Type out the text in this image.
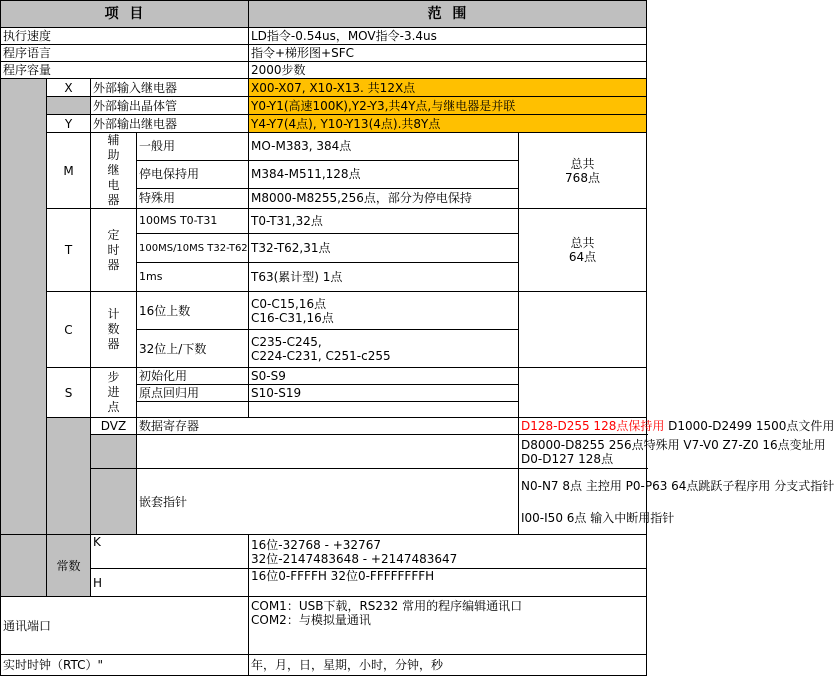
项 目				范 围	
执行速度				LD指令-0.54us，MOV指令-3.4us	
程序语言				指令+梯形图+SFC	
程序容量				2000步数	
	X	外部输入继电器		X00-X07, X10-X13. 共12X点	
		外部输出晶体管		Y0-Y1(高速100K),Y2-Y3,共4Y点,与继电器是并联	
	Y	外部输出继电器		Y4-Y7(4点), Y10-Y13(4点).共8Y点	
	M	辅助继电器	一般用	MO-M383, 384点	总共
768点

			停电保持用	M384-M511,128点	
			特殊用	M8000-M8255,256点，部分为停电保持	
	T	定时器	100MS T0-T31	T0-T31,32点	总共
64点

			100MS/10MS T32-T62	T32-T62,31点	
			1ms	T63(累计型) 1点	
	C	计数器	16位上数	C0-C15,16点
C16-C31,16点	

			32位上/下数	C235-C245,
C224-C231, C251-c255	

	S	步进点	初始化用	S0-S9	
			原点回归用	S10-S19	

		DVZ	数据寄存器		D128-D255 128点保持用 D1000-D2499 1500点文件用

					D8000-D8255 256点特殊用 V7-V0 Z7-Z0 16点变址用
D0-D127 128点

			嵌套指针		N0-N7 8点 主控用 P0-P63 64点跳跃子程序用 分支式指针
I00-I50 6点 输入中断用指针

	常数	K		16位-32768 - +32767
32位-2147483648 - +2147483647	

		H		16位0-FFFFH 32位0-FFFFFFFFH	
通讯端口				COM1：USB下载，RS232 常用的程序编辑通讯口
COM2：与模拟量通讯	

实时时钟（RTC）"				年，月，日，星期，小时，分钟，秒	
